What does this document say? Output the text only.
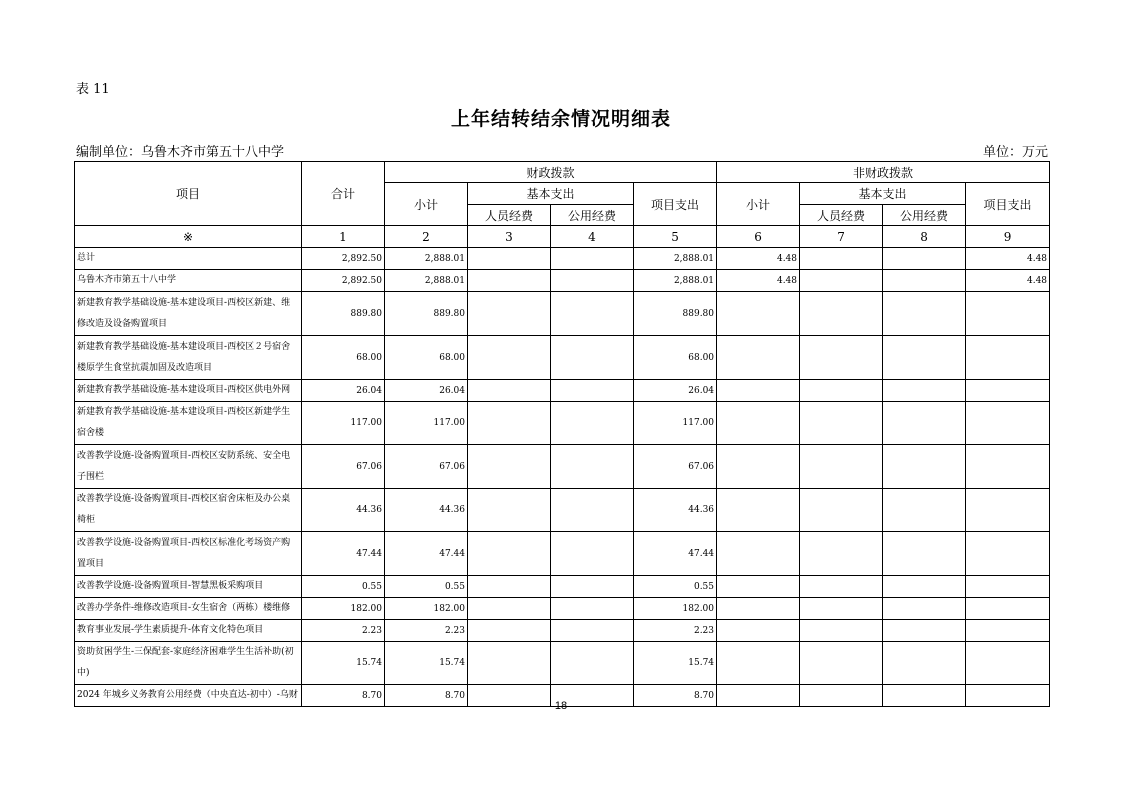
表 11
上年结转结余情况明细表
编制单位：乌鲁木齐市第五十八中学	单位：万元
项目	合计	财政拨款				非财政拨款			
		小计	基本支出		项目支出	小计	基本支出		项目支出
			人员经费	公用经费			人员经费	公用经费	
※	1	2	3	4	5	6	7	8	9
总计	2,892.50	2,888.01			2,888.01	4.48			4.48
乌鲁木齐市第五十八中学	2,892.50	2,888.01			2,888.01	4.48			4.48
新建教育教学基础设施-基本建设项目-西校区新建、维修改造及设备购置项目	889.80	889.80			889.80				
新建教育教学基础设施-基本建设项目-西校区２号宿舍楼原学生食堂抗震加固及改造项目	68.00	68.00			68.00				
新建教育教学基础设施-基本建设项目-西校区供电外网	26.04	26.04			26.04				
新建教育教学基础设施-基本建设项目-西校区新建学生宿舍楼	117.00	117.00			117.00				
改善教学设施-设备购置项目-西校区安防系统、安全电子围栏	67.06	67.06			67.06				
改善教学设施-设备购置项目-西校区宿舍床柜及办公桌椅柜	44.36	44.36			44.36				
改善教学设施-设备购置项目-西校区标准化考场资产购置项目	47.44	47.44			47.44				
改善教学设施-设备购置项目-智慧黑板采购项目	0.55	0.55			0.55				
改善办学条件-维修改造项目-女生宿舍（两栋）楼维修	182.00	182.00			182.00				
教育事业发展-学生素质提升-体育文化特色项目	2.23	2.23			2.23				
资助贫困学生-三保配套-家庭经济困难学生生活补助(初中)	15.74	15.74			15.74				
2024 年城乡义务教育公用经费（中央直达-初中）-乌财	8.70	8.70			8.70				
18
